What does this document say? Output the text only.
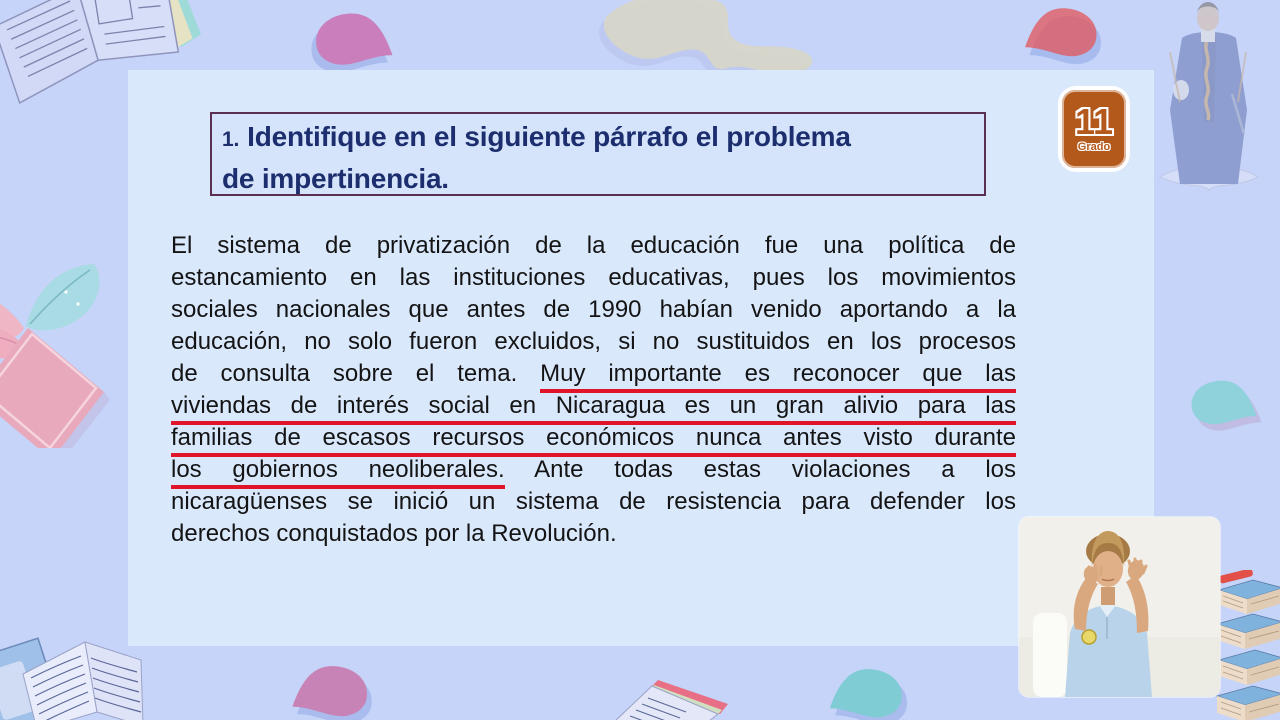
1. Identifique en el siguiente párrafo el problema
de impertinencia.
El sistema de privatización de la educación fue una política de
estancamiento en las instituciones educativas, pues los movimientos
sociales nacionales que antes de 1990 habían venido aportando a la
educación, no solo fueron excluidos, si no sustituidos en los procesos
de consulta sobre el tema. Muy importante es reconocer que las
viviendas de interés social en Nicaragua es un gran alivio para las
familias de escasos recursos económicos nunca antes visto durante
los gobiernos neoliberales. Ante todas estas violaciones a los
nicaragüenses se inició un sistema de resistencia para defender los
derechos conquistados por la Revolución.
11
Grado
